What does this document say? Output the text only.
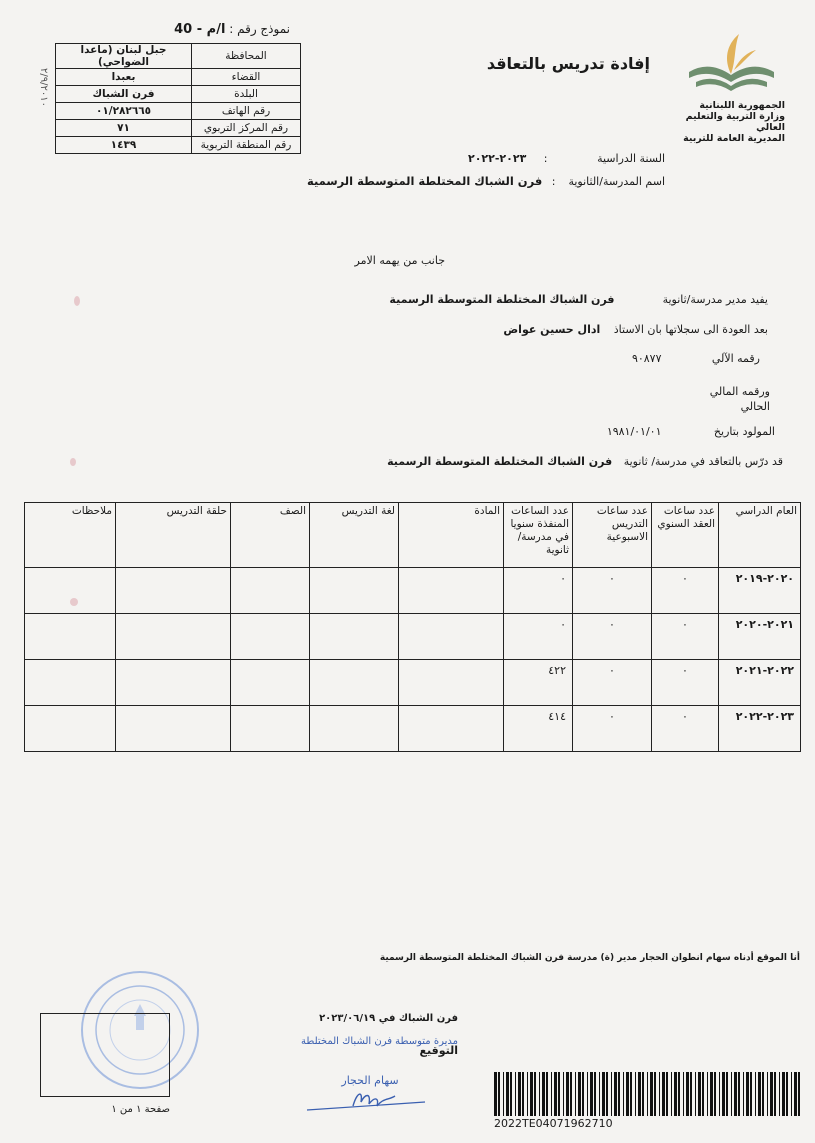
نموذج رقم : ا/م - 40
المحافظة	جبل لبنان (ماعدا الضواحي)
القضاء	بعبدا
البلدة	فرن الشباك
رقم الهاتف	٠١/٢٨٢٦٦٥
رقم المركز التربوي	٧١
رقم المنطقة التربوية	١٤٣٩
٢/٩/٢٠١٠	الجمهورية اللبنانية
وزارة التربية والتعليم العالي
المديرية العامة للتربية
إفادة تدريس بالتعاقد
السنة الدراسية : ٢٠٢٣-٢٠٢٢
اسم المدرسة/الثانوية : فرن الشباك المختلطة المتوسطة الرسمية
جانب من يهمه الامر
يفيد مدير مدرسة/ثانوية فرن الشباك المختلطة المتوسطة الرسمية
بعد العودة الى سجلاتها بان الاستاذ ادال حسين عواض
رقمه الآلي ٩٠٨٧٧
ورقمه المالي
الحالي
المولود بتاريخ ١٩٨١/٠١/٠١
قد درّس بالتعاقد في مدرسة/ ثانوية فرن الشباك المختلطة المتوسطة الرسمية
العام الدراسي	عدد ساعات العقد السنوي	عدد ساعات التدريس الاسبوعية	عدد الساعات المنفذة سنويا في مدرسة/ثانوية	المادة	لغة التدريس	الصف	حلقة التدريس	ملاحظات
٢٠٢٠-٢٠١٩	٠	٠	٠					
٢٠٢١-٢٠٢٠	٠	٠	٠					
٢٠٢٢-٢٠٢١	٠	٠	٤٢٢					
٢٠٢٣-٢٠٢٢	٠	٠	٤١٤					
أنا الموقع أدناه سهام انطوان الحجار مدير (ة) مدرسة فرن الشباك المختلطة المتوسطة الرسمية
فرن الشباك في ٢٠٢٣/٠٦/١٩
مديرة متوسطة فرن الشباك المختلطة
التوقيع
سهام الحجار
صفحة ١ من ١
2022TE04071962710
